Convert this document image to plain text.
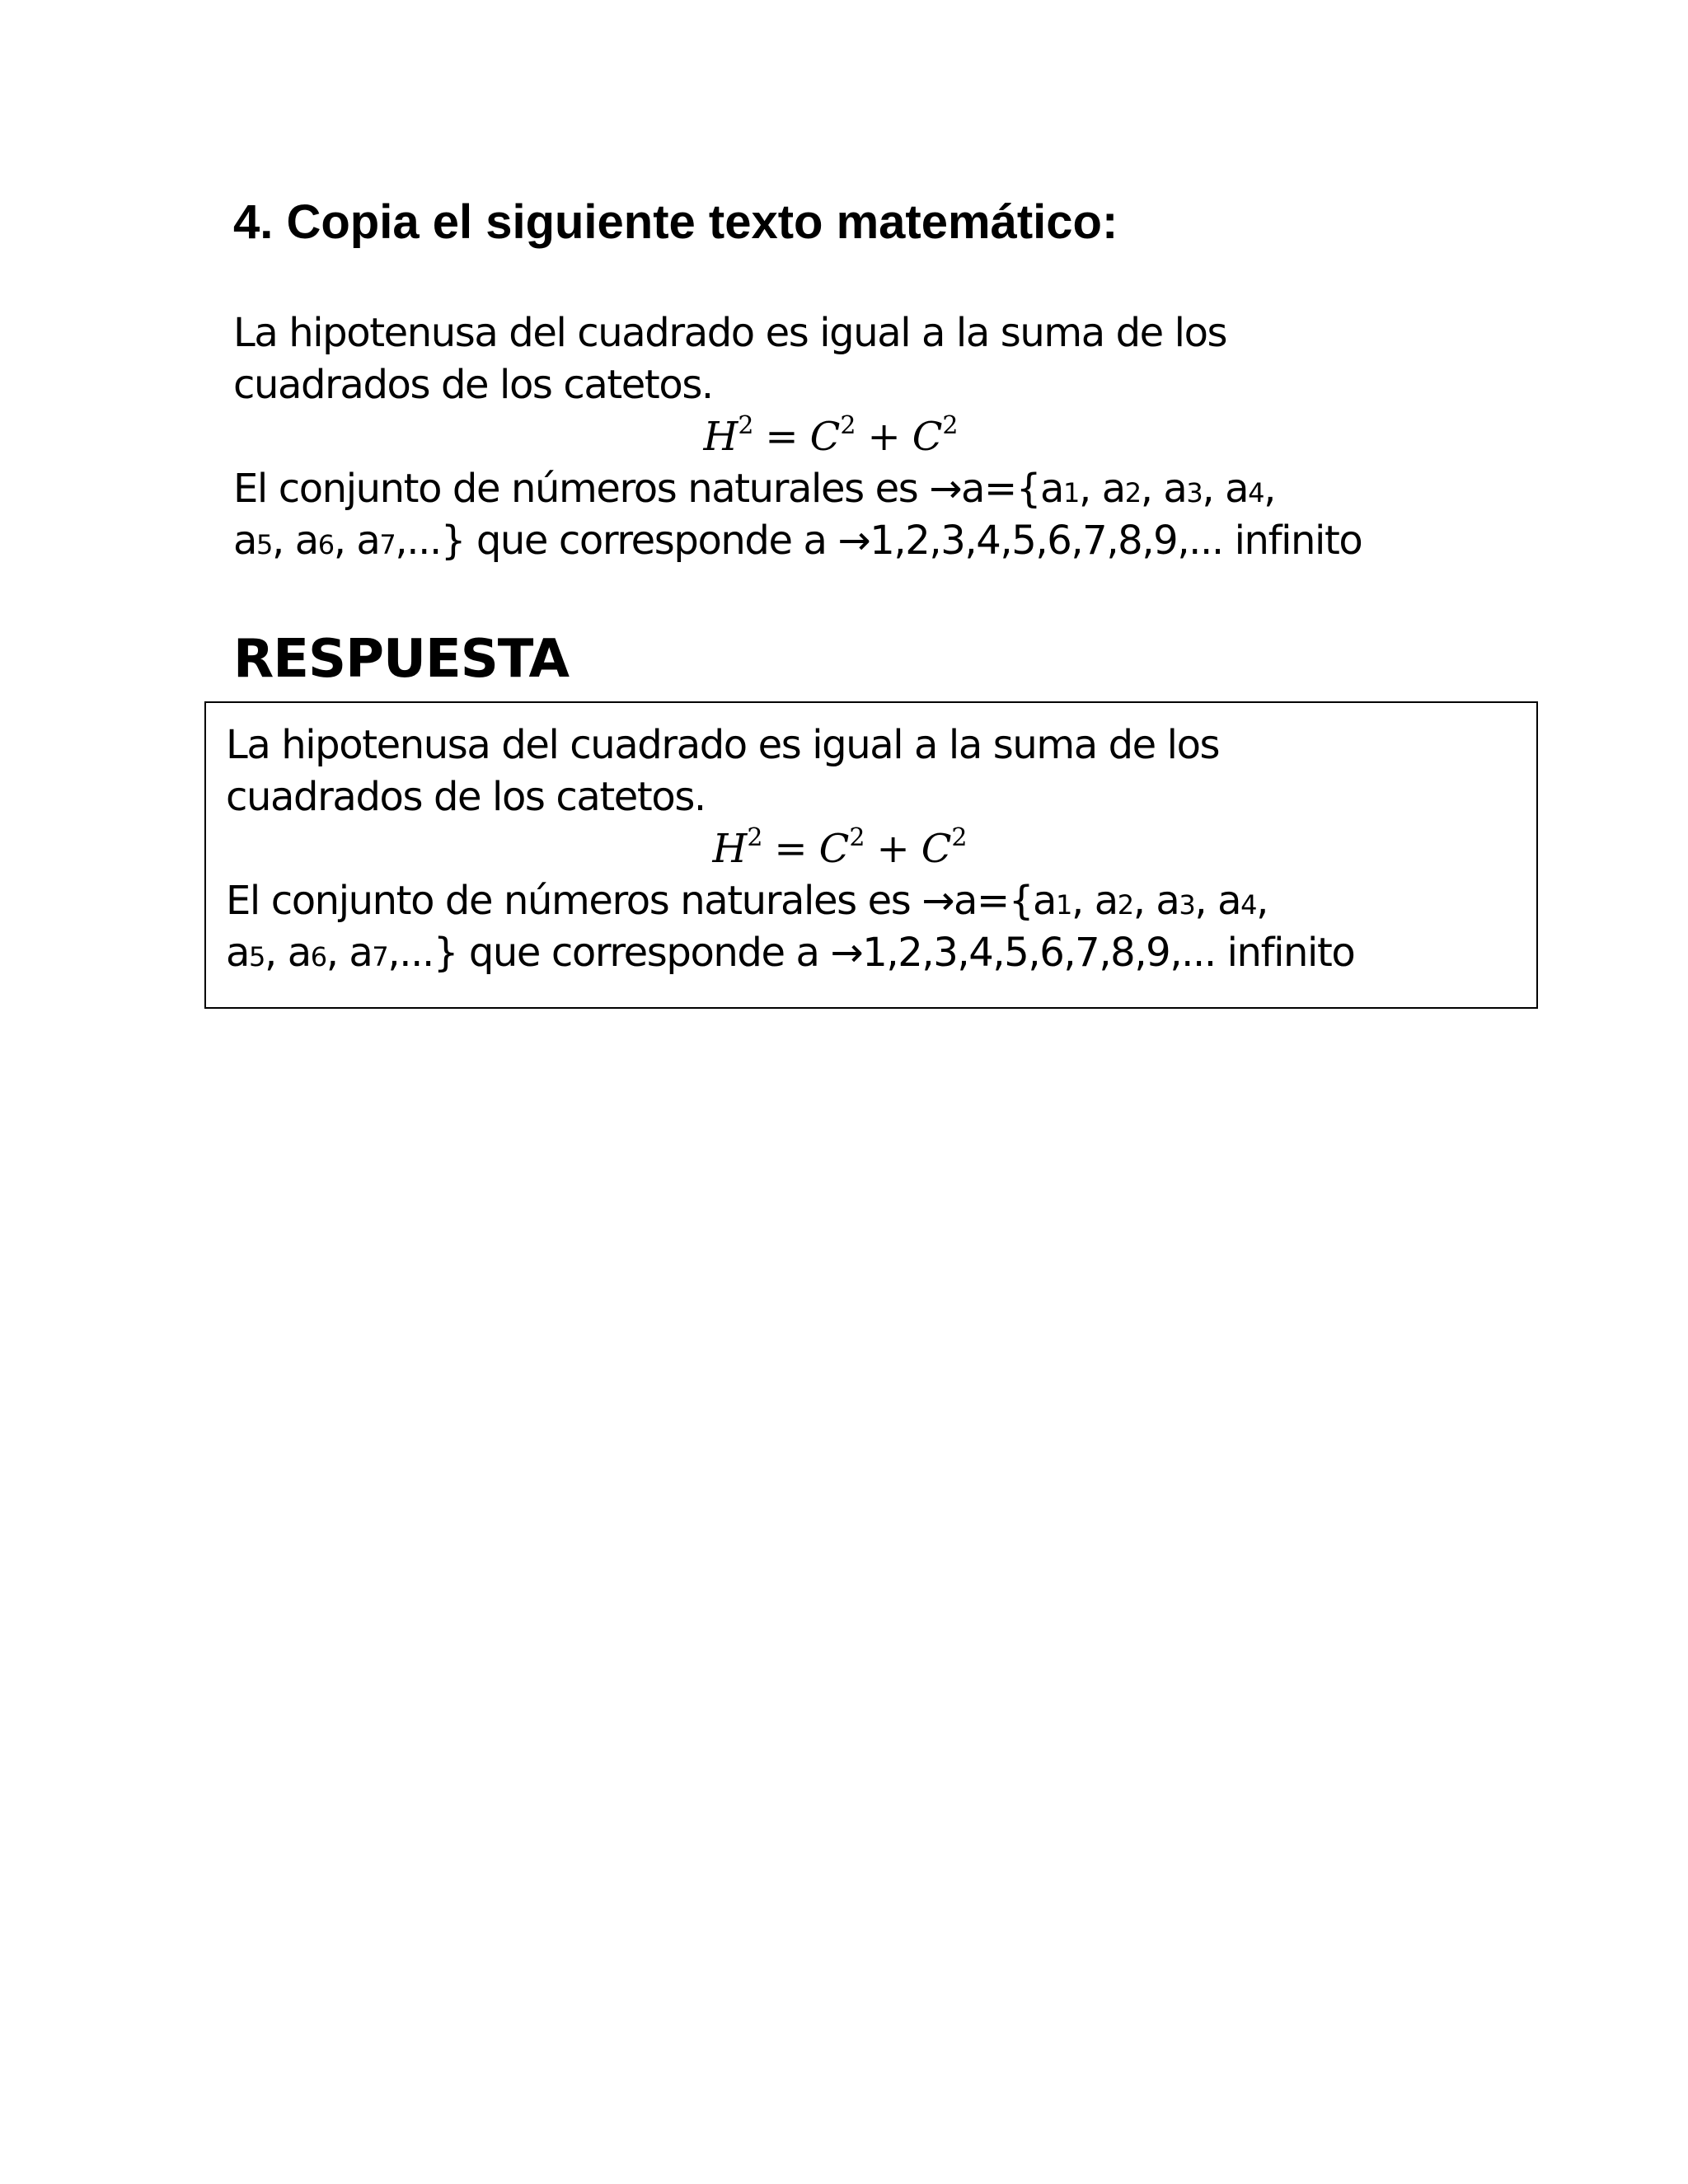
4. Copia el siguiente texto matemático:
La hipotenusa del cuadrado es igual a la suma de los
cuadrados de los catetos.
$H^2 = C^2 + C^2$
El conjunto de números naturales es →a={a1, a2, a3, a4,
a5, a6, a7,...} que corresponde a →1,2,3,4,5,6,7,8,9,... infinito
RESPUESTA
La hipotenusa del cuadrado es igual a la suma de los
cuadrados de los catetos.
$H^2 = C^2 + C^2$
El conjunto de números naturales es →a={a1, a2, a3, a4,
a5, a6, a7,...} que corresponde a →1,2,3,4,5,6,7,8,9,... infinito
